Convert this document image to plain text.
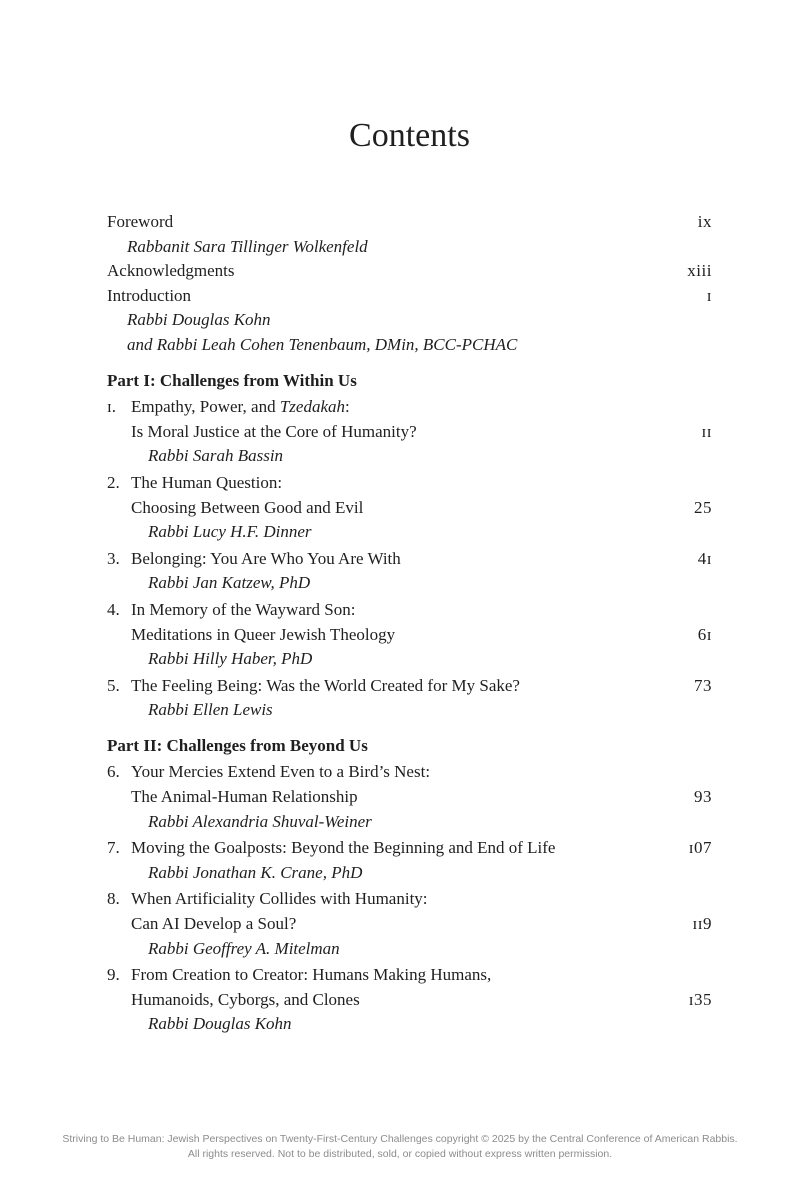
Contents
Foreword	ix
Rabbanit Sara Tillinger Wolkenfeld
Acknowledgments	xiii
Introduction	ɪ
Rabbi Douglas Kohn
and Rabbi Leah Cohen Tenenbaum, DMin, BCC-PCHAC
Part I: Challenges from Within Us
ɪ. Empathy, Power, and Tzedakah:
Is Moral Justice at the Core of Humanity?	ɪɪ
Rabbi Sarah Bassin
2. The Human Question:
Choosing Between Good and Evil	25
Rabbi Lucy H.F. Dinner
3. Belonging: You Are Who You Are With	4ɪ
Rabbi Jan Katzew, PhD
4. In Memory of the Wayward Son:
Meditations in Queer Jewish Theology	6ɪ
Rabbi Hilly Haber, PhD
5. The Feeling Being: Was the World Created for My Sake?	73
Rabbi Ellen Lewis
Part II: Challenges from Beyond Us
6. Your Mercies Extend Even to a Bird’s Nest:
The Animal-Human Relationship	93
Rabbi Alexandria Shuval-Weiner
7. Moving the Goalposts: Beyond the Beginning and End of Life	ɪ07
Rabbi Jonathan K. Crane, PhD
8. When Artificiality Collides with Humanity:
Can AI Develop a Soul?	ɪɪ9
Rabbi Geoffrey A. Mitelman
9. From Creation to Creator: Humans Making Humans,
Humanoids, Cyborgs, and Clones	ɪ35
Rabbi Douglas Kohn
Striving to Be Human: Jewish Perspectives on Twenty-First-Century Challenges copyright © 2025 by the Central Conference of American Rabbis.
All rights reserved. Not to be distributed, sold, or copied without express written permission.
